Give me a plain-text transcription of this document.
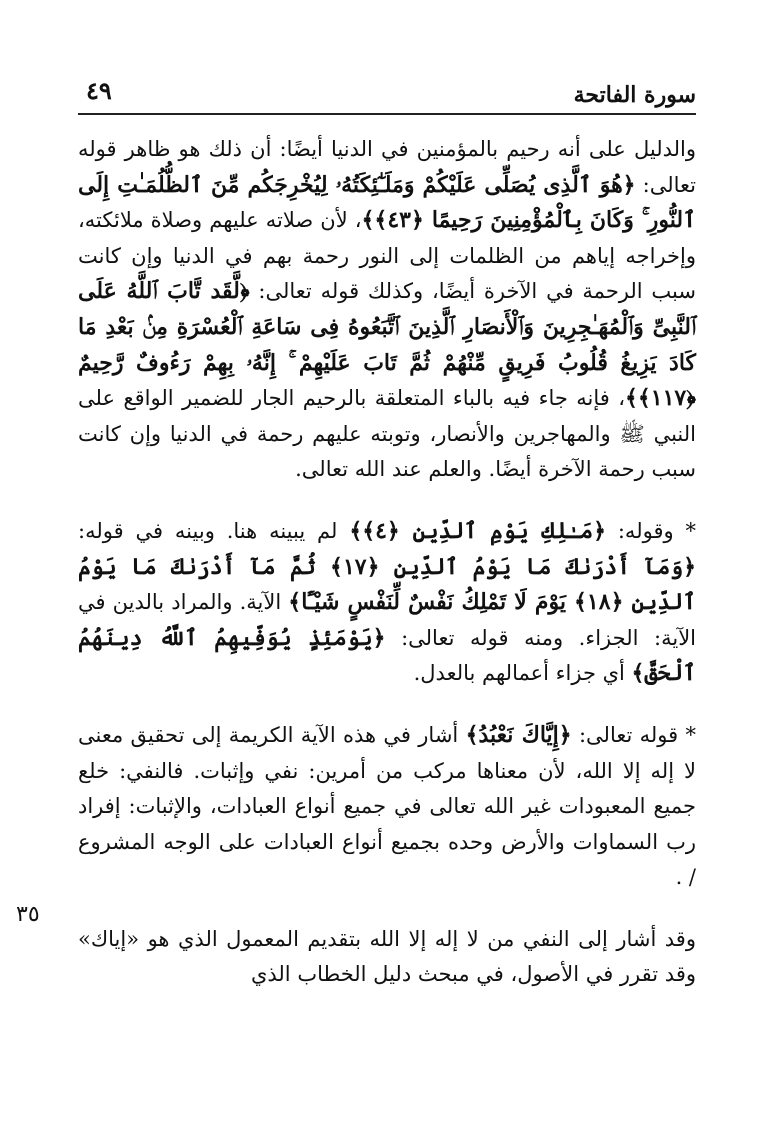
سورة الفاتحة
٤٩

والدليل على أنه رحيم بالمؤمنين في الدنيا أيضًا: أن ذلك هو ظاهر قوله تعالى: ﴿هُوَ ٱلَّذِى يُصَلِّى عَلَيْكُمْ وَمَلَـٰٓئِكَتُهُۥ لِيُخْرِجَكُم مِّنَ ٱلظُّلُمَـٰتِ إِلَى ٱلنُّورِ ۚ وَكَانَ بِٱلْمُؤْمِنِينَ رَحِيمًا ﴿٤٣﴾﴾، لأن صلاته عليهم وصلاة ملائكته، وإخراجه إياهم من الظلمات إلى النور رحمة بهم في الدنيا وإن كانت سبب الرحمة في الآخرة أيضًا، وكذلك قوله تعالى: ﴿لَّقَد تَّابَ ٱللَّهُ عَلَى ٱلنَّبِىِّ وَٱلْمُهَـٰجِرِينَ وَٱلْأَنصَارِ ٱلَّذِينَ ٱتَّبَعُوهُ فِى سَاعَةِ ٱلْعُسْرَةِ مِنۢ بَعْدِ مَا كَادَ يَزِيغُ قُلُوبُ فَرِيقٍ مِّنْهُمْ ثُمَّ تَابَ عَلَيْهِمْ ۚ إِنَّهُۥ بِهِمْ رَءُوفٌ رَّحِيمٌ ﴿١١٧﴾﴾، فإنه جاء فيه بالباء المتعلقة بالرحيم الجار للضمير الواقع على النبي ﷺ والمهاجرين والأنصار، وتوبته عليهم رحمة في الدنيا وإن كانت سبب رحمة الآخرة أيضًا. والعلم عند الله تعالى.

* وقوله: ﴿مَـٰلِكِ يَوْمِ ٱلدِّينِ ﴿٤﴾﴾ لم يبينه هنا. وبينه في قوله: ﴿وَمَآ أَدْرَىٰكَ مَا يَوْمُ ٱلدِّينِ ﴿١٧﴾ ثُمَّ مَآ أَدْرَىٰكَ مَا يَوْمُ ٱلدِّينِ ﴿١٨﴾ يَوْمَ لَا تَمْلِكُ نَفْسٌ لِّنَفْسٍ شَيْـًٔا﴾ الآية. والمراد بالدين في الآية: الجزاء. ومنه قوله تعالى: ﴿يَوْمَئِذٍ يُوَفِّيهِمُ ٱللَّهُ دِينَهُمُ ٱلْحَقَّ﴾ أي جزاء أعمالهم بالعدل.

* قوله تعالى: ﴿إِيَّاكَ نَعْبُدُ﴾ أشار في هذه الآية الكريمة إلى تحقيق معنى لا إله إلا الله، لأن معناها مركب من أمرين: نفي وإثبات. فالنفي: خلع جميع المعبودات غير الله تعالى في جميع أنواع العبادات، والإثبات: إفراد رب السماوات والأرض وحده بجميع أنواع العبادات على الوجه المشروع / .

وقد أشار إلى النفي من لا إله إلا الله بتقديم المعمول الذي هو «إياك» وقد تقرر في الأصول، في مبحث دليل الخطاب الذي

٣٥
